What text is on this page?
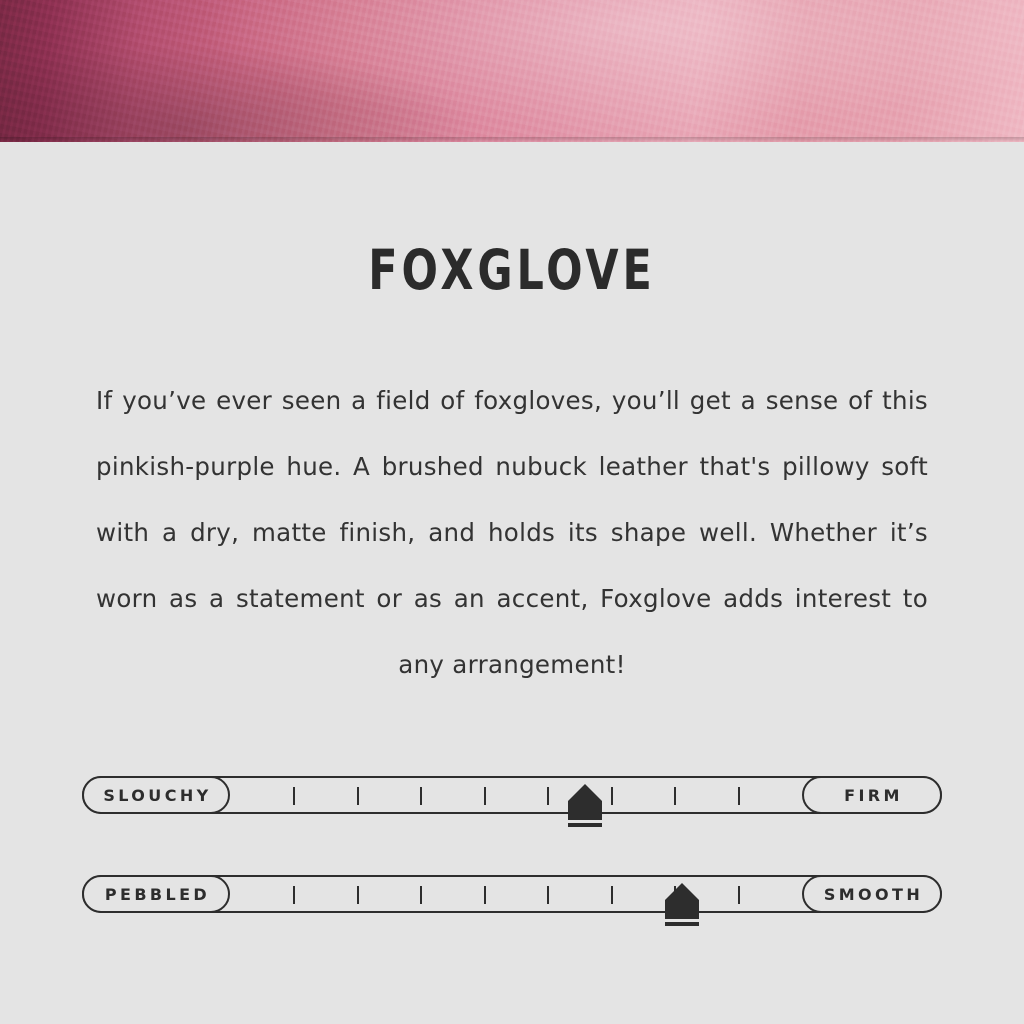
FOXGLOVE
If you’ve ever seen a field of foxgloves, you’ll get a sense of this pinkish-purple hue. A brushed nubuck leather that's pillowy soft with a dry, matte finish, and holds its shape well. Whether it’s worn as a statement or as an accent, Foxglove adds interest to any arrangement!
SLOUCHY	FIRM
PEBBLED	SMOOTH
